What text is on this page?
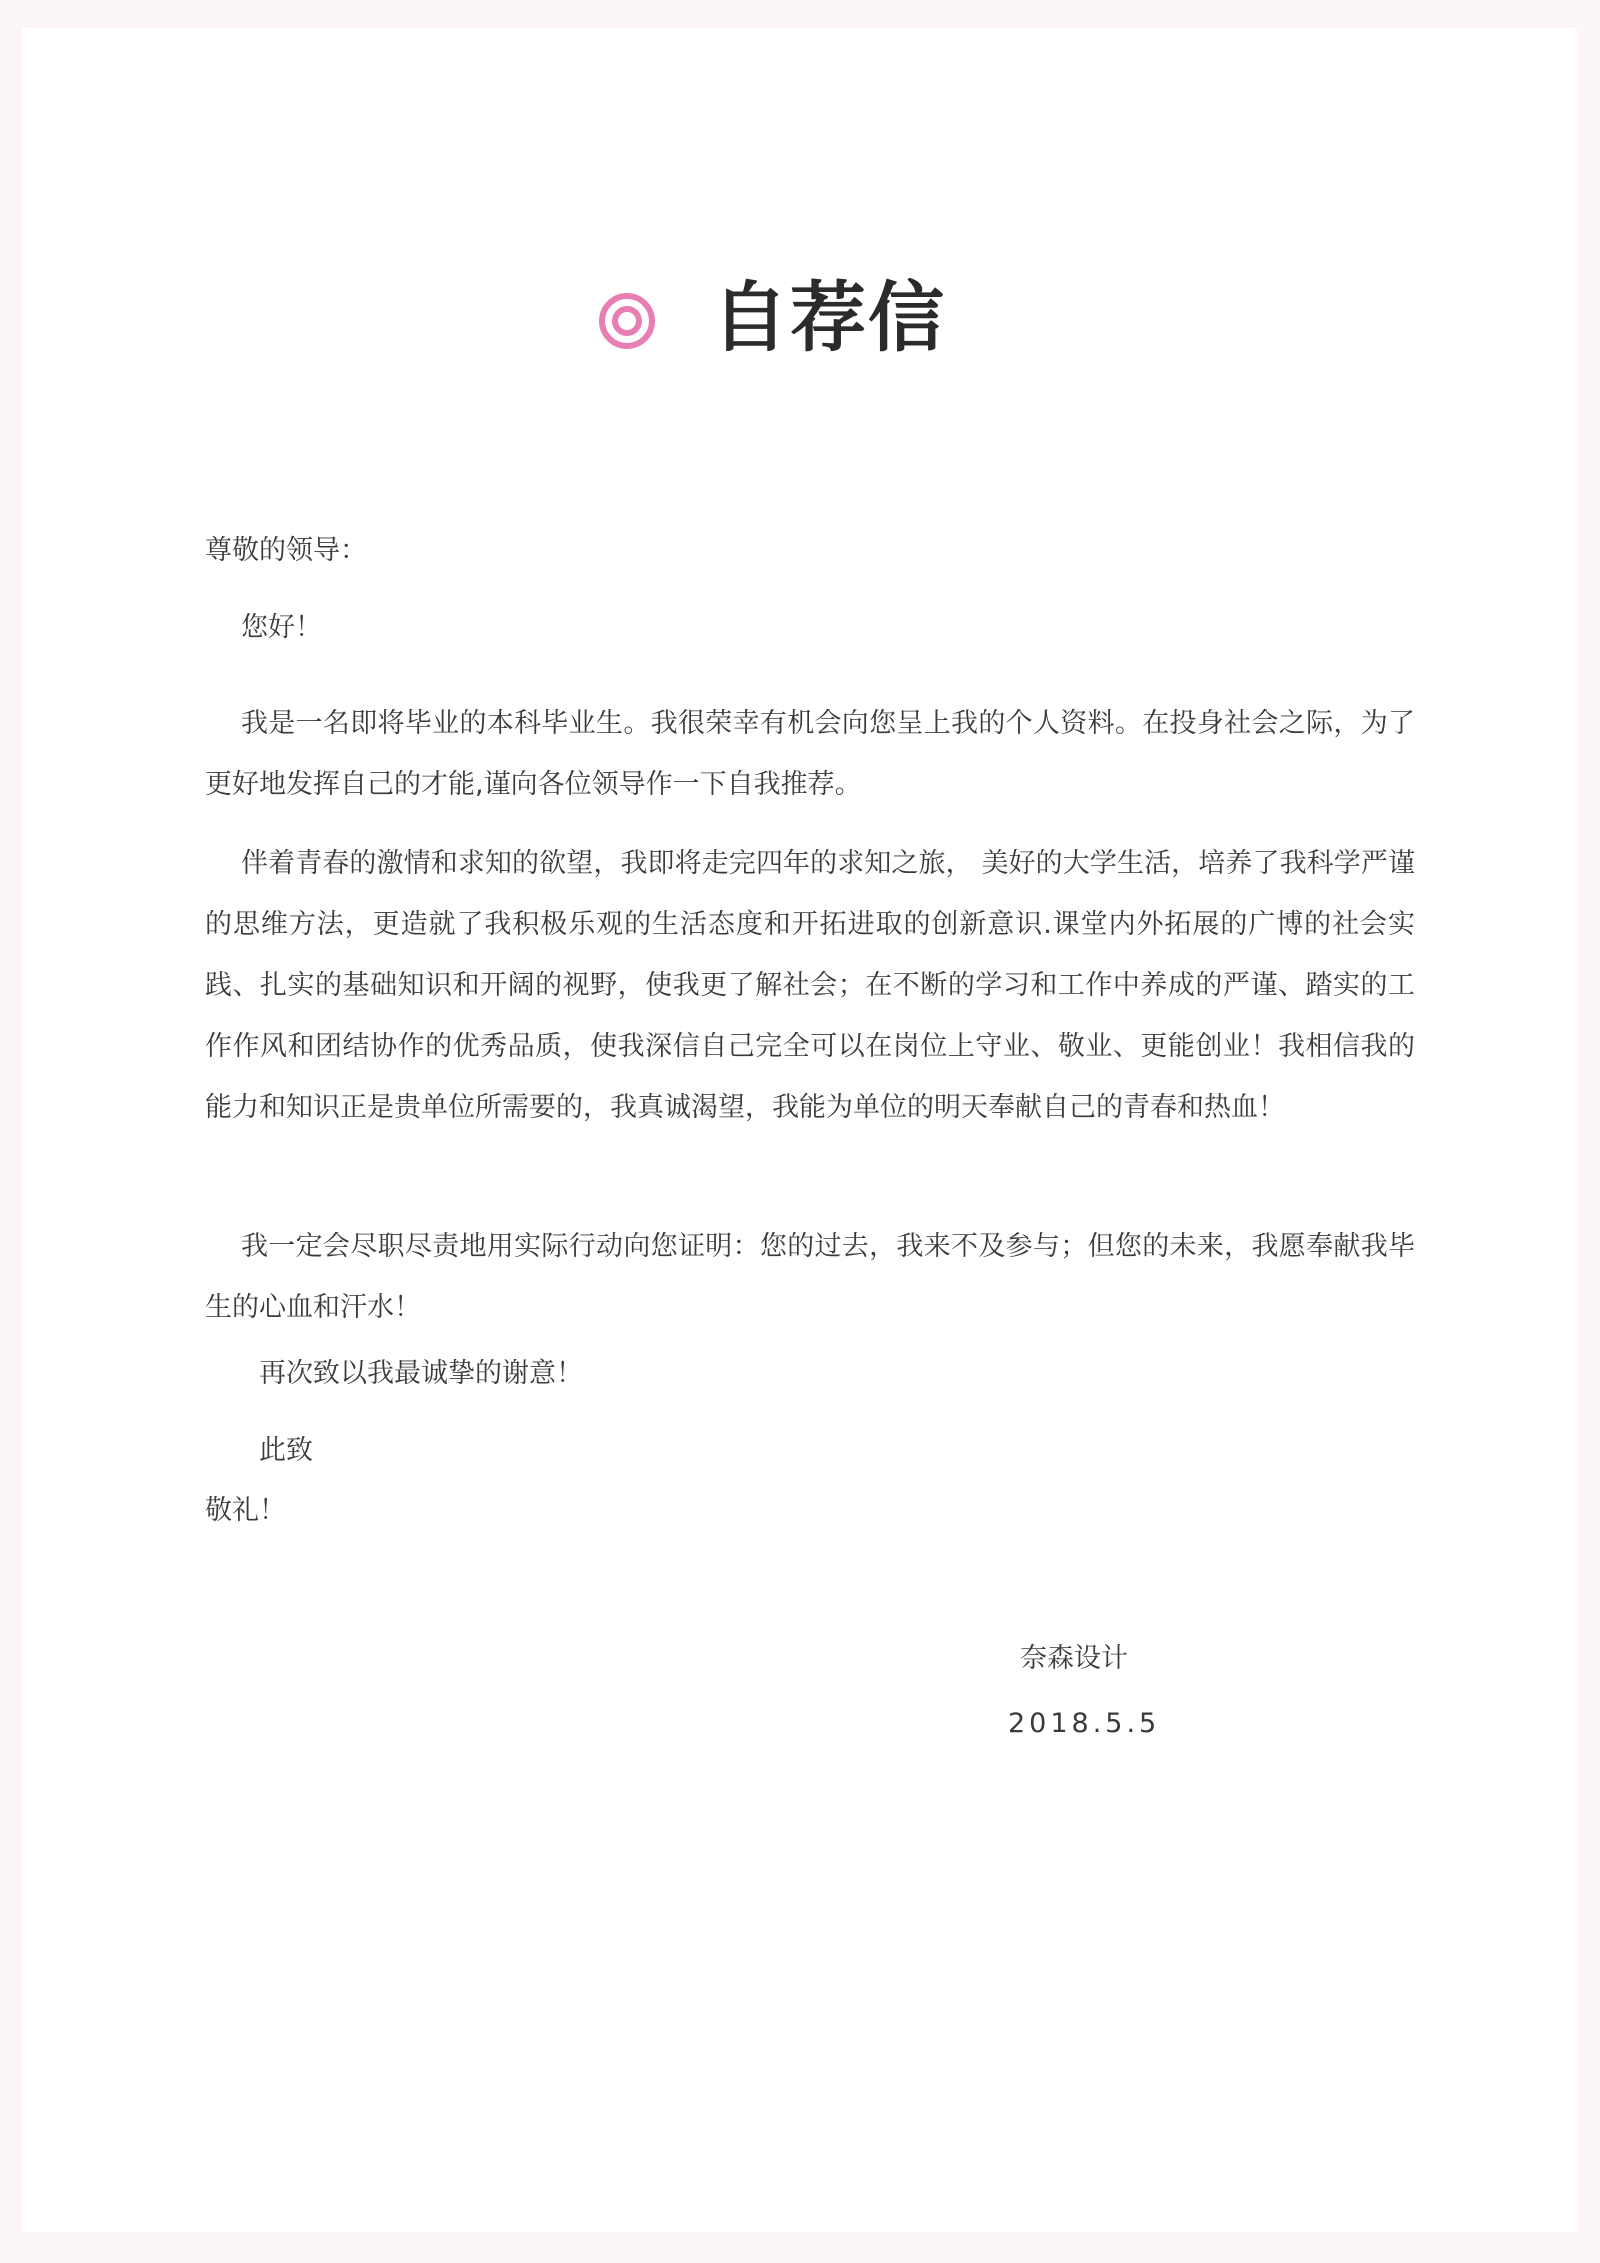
自荐信
尊敬的领导：
您好！

我是一名即将毕业的本科毕业生。我很荣幸有机会向您呈上我的个人资料。在投身社会之际，为了更好地发挥自己的才能,谨向各位领导作一下自我推荐。

伴着青春的激情和求知的欲望，我即将走完四年的求知之旅， 美好的大学生活，培养了我科学严谨的思维方法，更造就了我积极乐观的生活态度和开拓进取的创新意识.课堂内外拓展的广博的社会实践、扎实的基础知识和开阔的视野，使我更了解社会；在不断的学习和工作中养成的严谨、踏实的工作作风和团结协作的优秀品质，使我深信自己完全可以在岗位上守业、敬业、更能创业！我相信我的能力和知识正是贵单位所需要的，我真诚渴望，我能为单位的明天奉献自己的青春和热血！

我一定会尽职尽责地用实际行动向您证明：您的过去，我来不及参与；但您的未来，我愿奉献我毕生的心血和汗水！

再次致以我最诚挚的谢意！
此致
敬礼！
奈森设计
2018.5.5
